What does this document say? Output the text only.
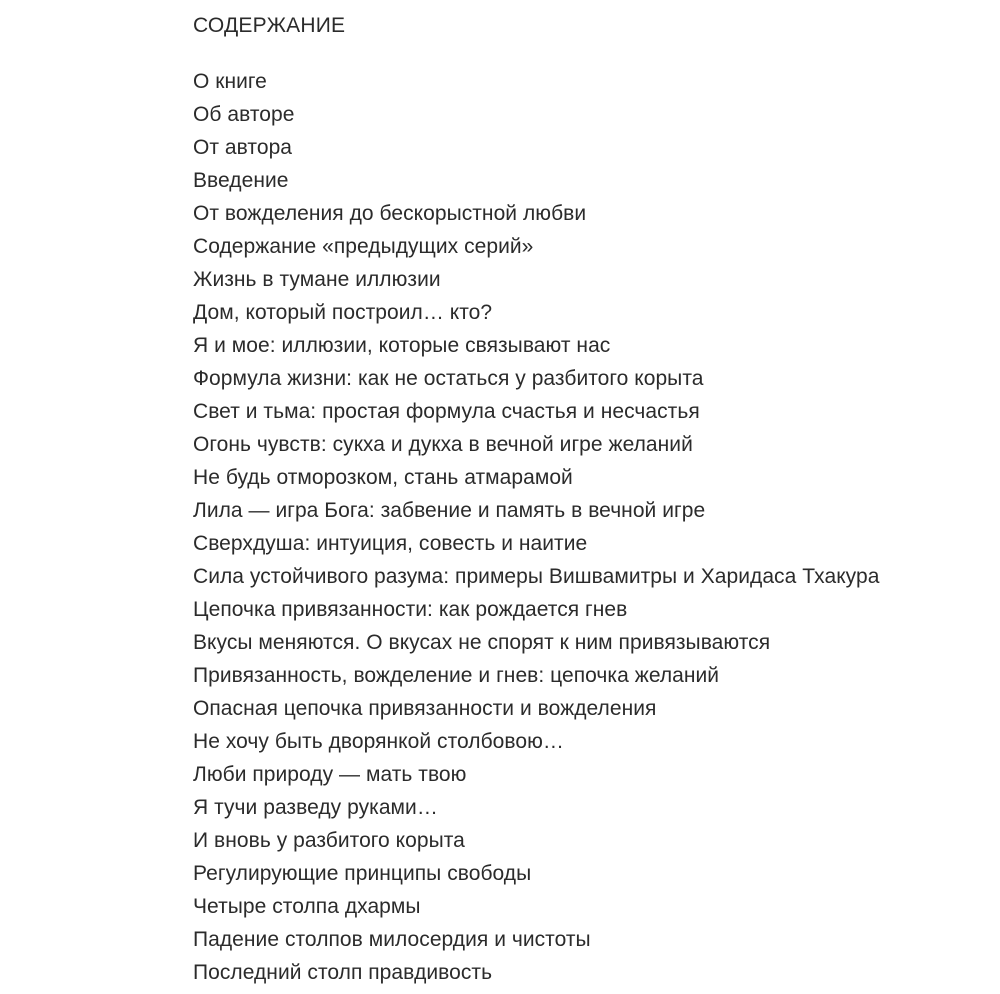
СОДЕРЖАНИЕ
О книге
Об авторе
От автора
Введение
От вожделения до бескорыстной любви
Содержание «предыдущих серий»
Жизнь в тумане иллюзии
Дом, который построил… кто?
Я и мое: иллюзии, которые связывают нас
Формула жизни: как не остаться у разбитого корыта
Свет и тьма: простая формула счастья и несчастья
Огонь чувств: сукха и дукха в вечной игре желаний
Не будь отморозком, стань атмарамой
Лила — игра Бога: забвение и память в вечной игре
Сверхдуша: интуиция, совесть и наитие
Сила устойчивого разума: примеры Вишвамитры и Харидаса Тхакура
Цепочка привязанности: как рождается гнев
Вкусы меняются. О вкусах не спорят к ним привязываются
Привязанность, вожделение и гнев: цепочка желаний
Опасная цепочка привязанности и вожделения
Не хочу быть дворянкой столбовою…
Люби природу — мать твою
Я тучи разведу руками…
И вновь у разбитого корыта
Регулирующие принципы свободы
Четыре столпа дхармы
Падение столпов милосердия и чистоты
Последний столп правдивость
